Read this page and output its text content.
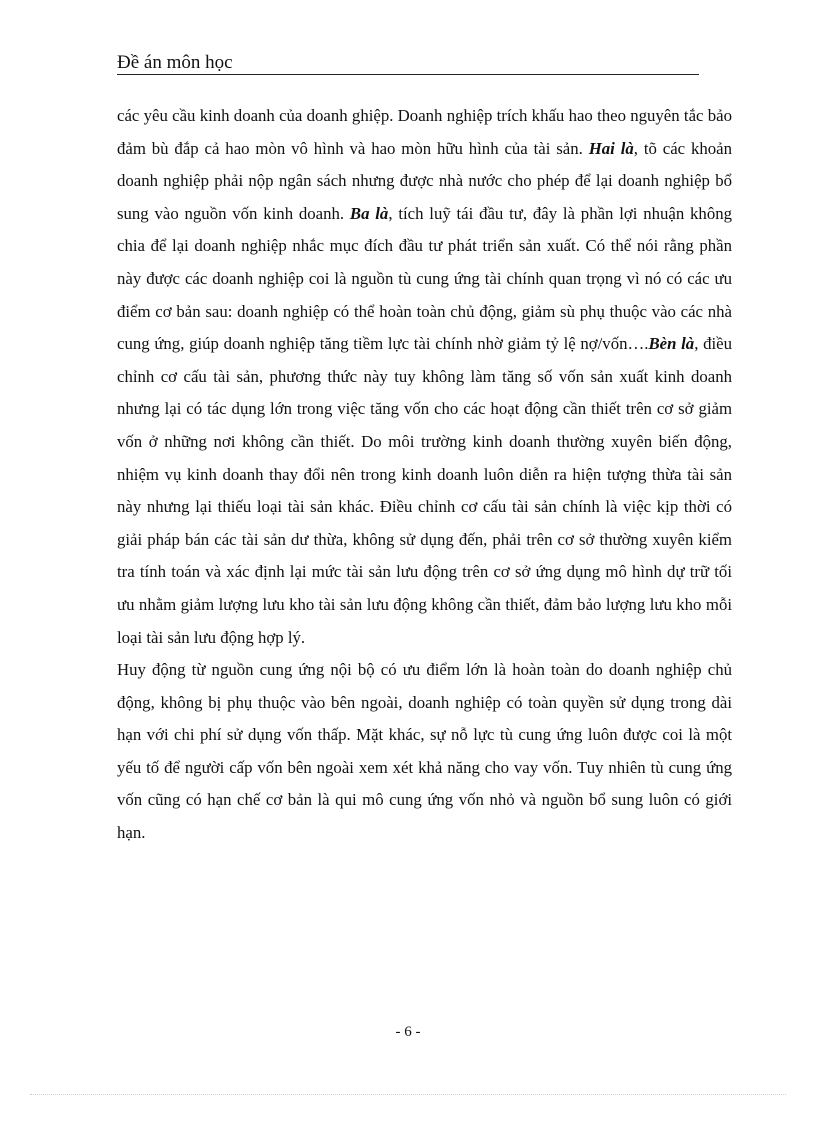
Đề án môn học

các yêu cầu kinh doanh của doanh ghiệp. Doanh nghiệp trích khấu hao theo nguyên tắc bảo đảm bù đắp cả hao mòn vô hình và hao mòn hữu hình của tài sản. Hai là, tõ các khoản doanh nghiệp phải nộp ngân sách nhưng được nhà nước cho phép để lại doanh nghiệp bổ sung vào nguồn vốn kinh doanh. Ba là, tích luỹ tái đầu tư, đây là phần lợi nhuận không chia để lại doanh nghiệp nhắc mục đích đầu tư phát triển sản xuất. Có thể nói rằng phần này được các doanh nghiệp coi là nguồn tù cung ứng tài chính quan trọng vì nó có các ưu điểm cơ bản sau: doanh nghiệp có thể hoàn toàn chủ động, giảm sù phụ thuộc vào các nhà cung ứng, giúp doanh nghiệp tăng tiềm lực tài chính nhờ giảm tỷ lệ nợ/vốn….Bèn là, điều chỉnh cơ cấu tài sản, phương thức này tuy không làm tăng số vốn sản xuất kinh doanh nhưng lại có tác dụng lớn trong việc tăng vốn cho các hoạt động cần thiết trên cơ sở giảm vốn ở những nơi không cần thiết. Do môi trường kinh doanh thường xuyên biến động, nhiệm vụ kinh doanh thay đổi nên trong kinh doanh luôn diễn ra hiện tượng thừa tài sản này nhưng lại thiếu loại tài sản khác. Điều chỉnh cơ cấu tài sản chính là việc kịp thời có giải pháp bán các tài sản dư thừa, không sử dụng đến, phải trên cơ sở thường xuyên kiểm tra tính toán và xác định lại mức tài sản lưu động trên cơ sở ứng dụng mô hình dự trữ tối ưu nhằm giảm lượng lưu kho tài sản lưu động không cần thiết, đảm bảo lượng lưu kho mỗi loại tài sản lưu động hợp lý.

Huy động từ nguồn cung ứng nội bộ có ưu điểm lớn là hoàn toàn do doanh nghiệp chủ động, không bị phụ thuộc vào bên ngoài, doanh nghiệp có toàn quyền sử dụng trong dài hạn với chi phí sử dụng vốn thấp. Mặt khác, sự nỗ lực tù cung ứng luôn được coi là một yếu tố để người cấp vốn bên ngoài xem xét khả năng cho vay vốn. Tuy nhiên tù cung ứng vốn cũng có hạn chế cơ bản là qui mô cung ứng vốn nhỏ và nguồn bổ sung luôn có giới hạn.

- 6 -
